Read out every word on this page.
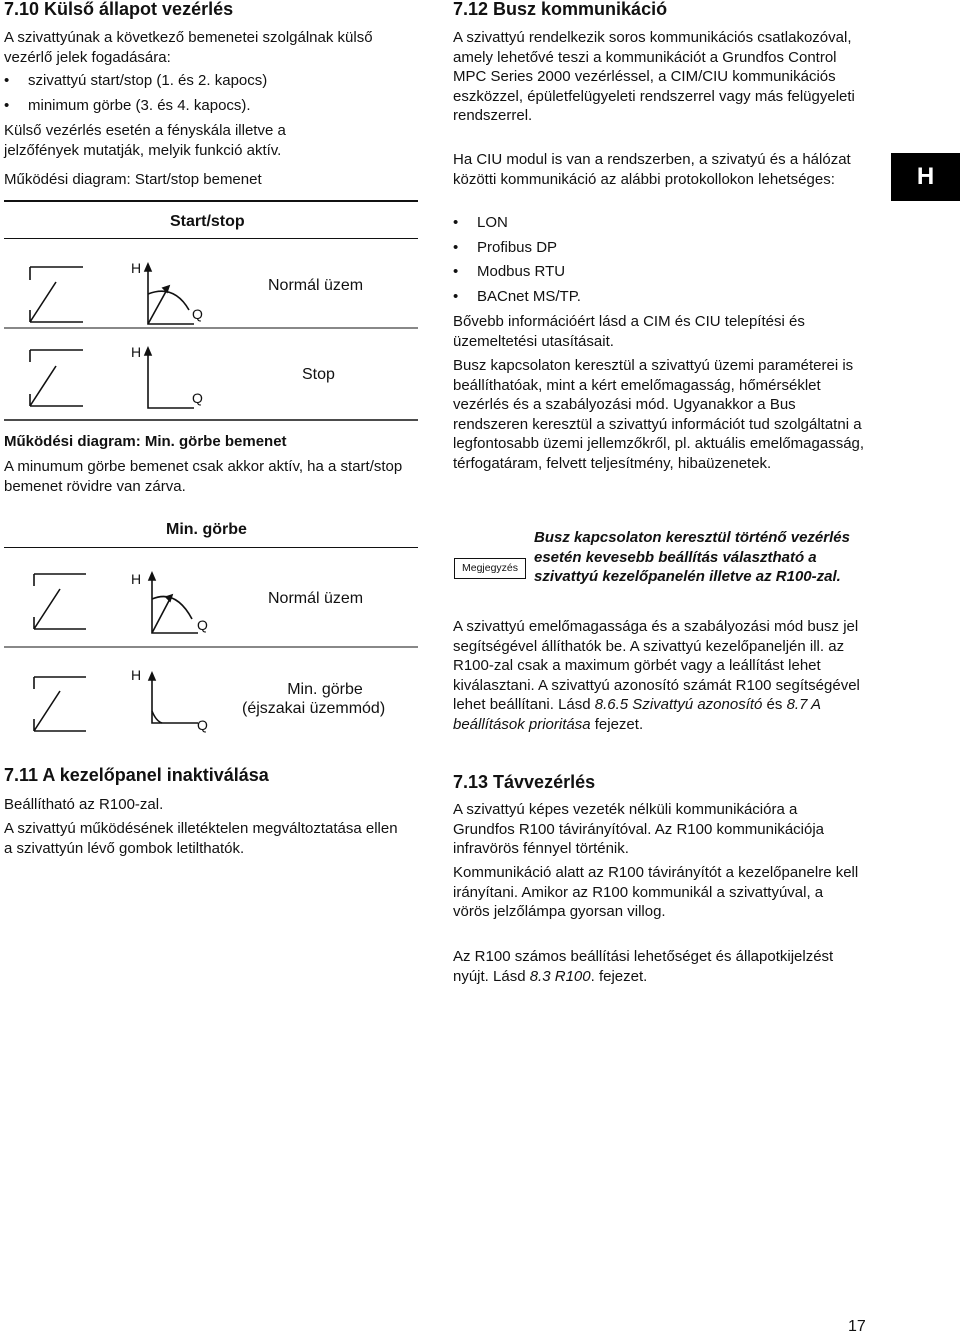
7.10 Külső állapot vezérlés

A szivattyúnak a következő bemenetei szolgálnak külső vezérlő jelek fogadására:

• szivattyú start/stop (1. és 2. kapocs)
• minimum görbe (3. és 4. kapocs).

Külső vezérlés esetén a fényskála illetve a jelzőfények mutatják, melyik funkció aktív.

Működési diagram: Start/stop bemenet
Start/stop
H
Q
Normál üzem
H
Q
Stop
Működési diagram: Min. görbe bemenet

A minumum görbe bemenet csak akkor aktív, ha a start/stop bemenet rövidre van zárva.

Min. görbe
H
Q
Normál üzem
H
Q
Min. görbe
(éjszakai üzemmód)
7.11 A kezelőpanel inaktiválása

Beállítható az R100-zal.

A szivattyú működésének illetéktelen megváltoztatása ellen a szivattyún lévő gombok letilthatók.

7.12 Busz kommunikáció

A szivattyú rendelkezik soros kommunikációs csatlakozóval, amely lehetővé teszi a kommunikációt a Grundfos Control MPC Series 2000 vezérléssel, a CIM/CIU kommunikációs eszközzel, épületfelügyeleti rendszerrel vagy más felügyeleti rendszerrel.

Ha CIU modul is van a rendszerben, a szivatyú és a hálózat közötti kommunikáció az alábbi protokollokon lehetséges:

• LON
• Profibus DP
• Modbus RTU
• BACnet MS/TP.

Bővebb információért lásd a CIM és CIU telepítési és üzemeltetési utasításait.

Busz kapcsolaton keresztül a szivattyú üzemi paraméterei is beállíthatóak, mint a kért emelőmagasság, hőmérséklet vezérlés és a szabályozási mód. Ugyanakkor a Bus rendszeren keresztül a szivattyú információt tud szolgáltatni a legfontosabb üzemi jellemzőkről, pl. aktuális emelőmagasság, térfogatáram, felvett teljesítmény, hibaüzenetek.

A szivattyú emelőmagassága és a szabályozási mód busz jel segítségével állíthatók be. A szivattyú kezelőpaneljén ill. az R100-zal csak a maximum görbét vagy a leállítást lehet kiválasztani. A szivattyú azonosító számát R100 segítségével lehet beállítani. Lásd 8.6.5 Szivattyú azonosító és 8.7 A beállítások prioritása fejezet.

7.13 Távvezérlés

A szivattyú képes vezeték nélküli kommunikációra a Grundfos R100 távirányítóval. Az R100 kommunikációja infravörös fénnyel történik.

Kommunikáció alatt az R100 távirányítót a kezelőpanelre kell irányítani. Amikor az R100 kommunikál a szivattyúval, a vörös jelzőlámpa gyorsan villog.

Az R100 számos beállítási lehetőséget és állapotkijelzést nyújt. Lásd 8.3 R100. fejezet.

Megjegyzés
Busz kapcsolaton keresztül történő vezérlés esetén kevesebb beállítás választható a szivattyú kezelőpanelén illetve az R100-zal.
H
17
